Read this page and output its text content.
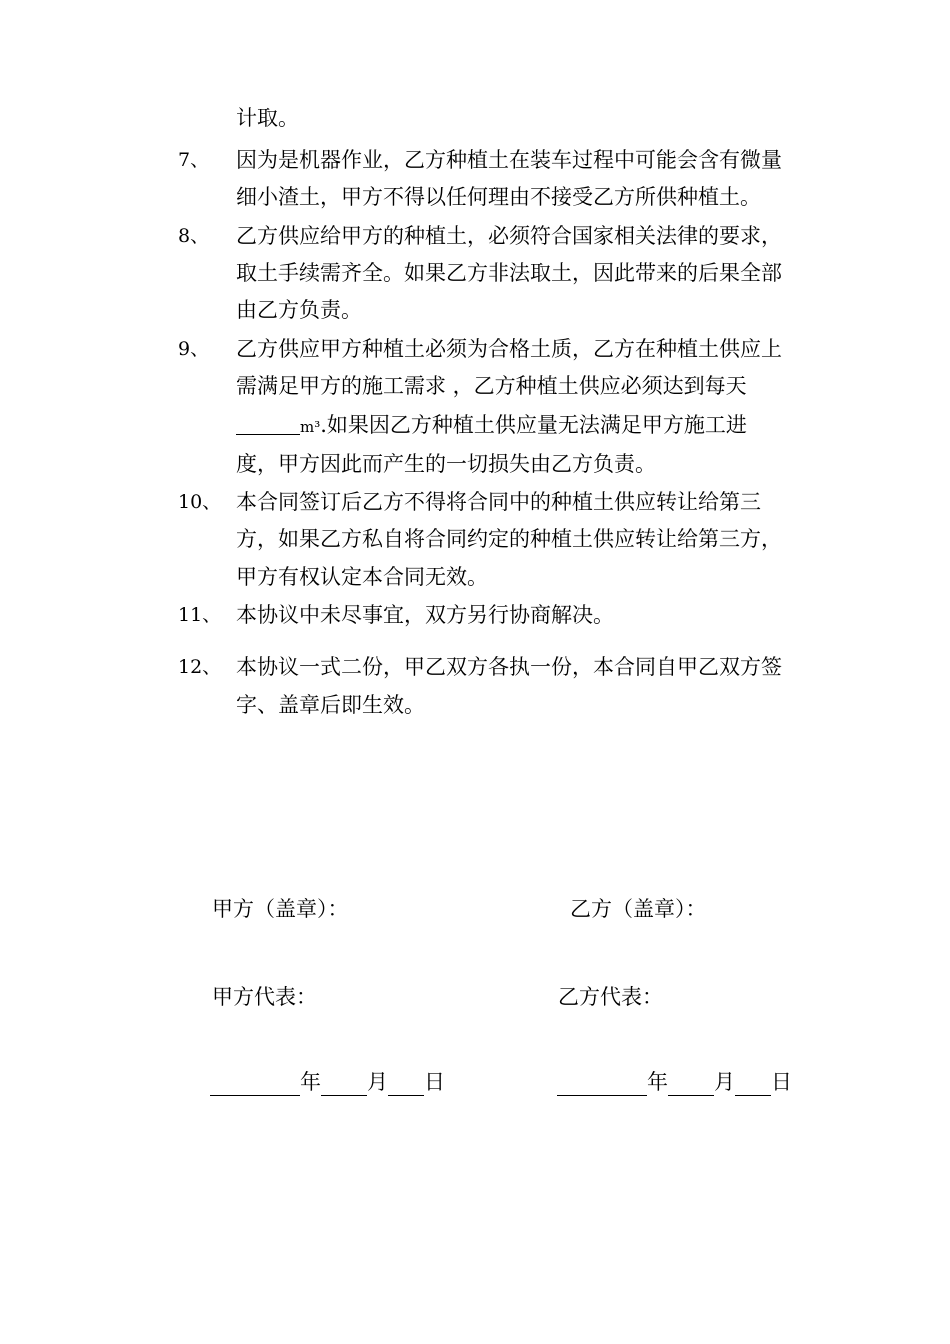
计取。
7、 因为是机器作业，乙方种植土在装车过程中可能会含有微量
细小渣土，甲方不得以任何理由不接受乙方所供种植土。
8、 乙方供应给甲方的种植土，必须符合国家相关法律的要求，
取土手续需齐全。如果乙方非法取土，因此带来的后果全部
由乙方负责。
9、 乙方供应甲方种植土必须为合格土质，乙方在种植土供应上
需满足甲方的施工需求 ，乙方种植土供应必须达到每天
m³.如果因乙方种植土供应量无法满足甲方施工进
度，甲方因此而产生的一切损失由乙方负责。
10、 本合同签订后乙方不得将合同中的种植土供应转让给第三
方，如果乙方私自将合同约定的种植土供应转让给第三方，
甲方有权认定本合同无效。
11、 本协议中未尽事宜，双方另行协商解决。
12、 本协议一式二份，甲乙双方各执一份，本合同自甲乙双方签
字、盖章后即生效。
甲方（盖章）：	乙方（盖章）：
甲方代表：	乙方代表：
年 月 日	年 月 日
